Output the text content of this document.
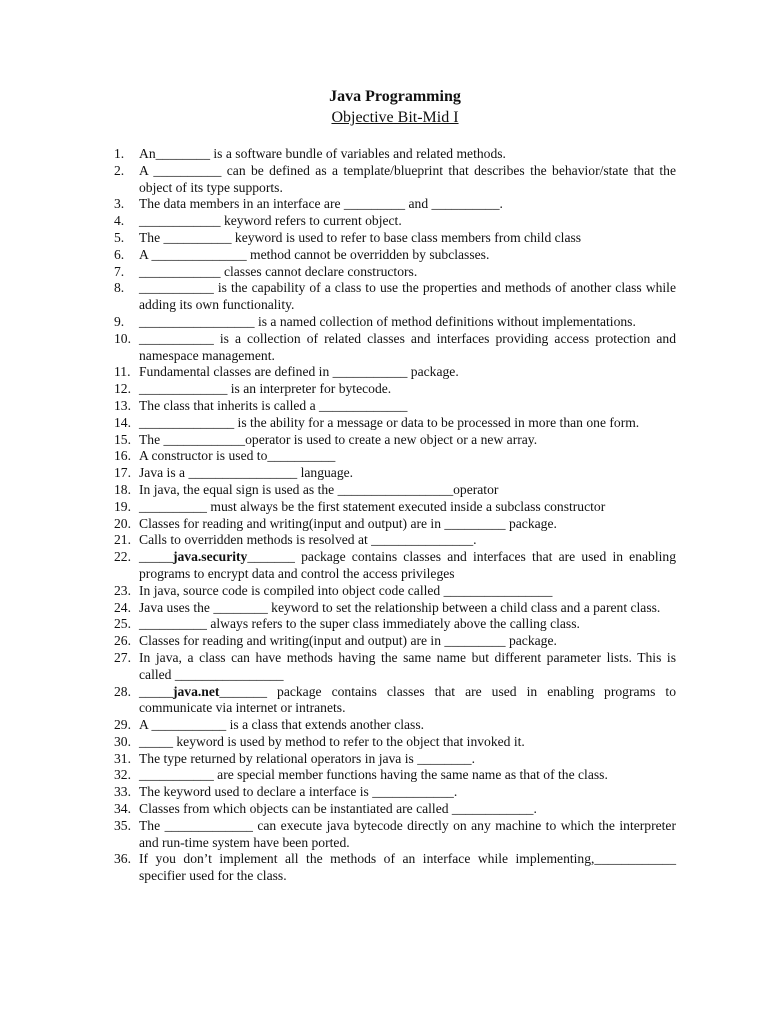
Java Programming
Objective Bit-Mid I
1.	An________ is a software bundle of variables and related methods.
2.	A __________ can be defined as a template/blueprint that describes the behavior/state that the object of its type supports.
3.	The data members in an interface are _________ and __________.
4.	____________ keyword refers to current object.
5.	The __________ keyword is used to refer to base class members from child class
6.	A ______________ method cannot be overridden by subclasses.
7.	____________ classes cannot declare constructors.
8.	___________ is the capability of a class to use the properties and methods of another class while adding its own functionality.
9.	_________________ is a named collection of method definitions without implementations.
10. ___________ is a collection of related classes and interfaces providing access protection and namespace management.
11. Fundamental classes are defined in ___________ package.
12. _____________ is an interpreter for bytecode.
13. The class that inherits is called a _____________
14. ______________ is the ability for a message or data to be processed in more than one form.
15. The ____________operator is used to create a new object or a new array.
16. A constructor is used to__________
17. Java is a ________________ language.
18. In java, the equal sign is used as the _________________operator
19. __________ must always be the first statement executed inside a subclass constructor
20. Classes for reading and writing(input and output) are in _________ package.
21. Calls to overridden methods is resolved at _______________.
22. _____java.security_______ package contains classes and interfaces that are used in enabling programs to encrypt data and control the access privileges
23. In java, source code is compiled into object code called ________________
24. Java uses the ________ keyword to set the relationship between a child class and a parent class.
25. __________ always refers to the super class immediately above the calling class.
26. Classes for reading and writing(input and output) are in _________ package.
27. In java, a class can have methods having the same name but different parameter lists. This is called ________________
28. _____java.net_______ package contains classes that are used in enabling programs to communicate via internet or intranets.
29. A ___________ is a class that extends another class.
30. _____ keyword is used by method to refer to the object that invoked it.
31. The type returned by relational operators in java is ________.
32. ___________ are special member functions having the same name as that of the class.
33. The keyword used to declare a interface is ____________.
34. Classes from which objects can be instantiated are called ____________.
35. The _____________ can execute java bytecode directly on any machine to which the interpreter and run-time system have been ported.
36. If you don’t implement all the methods of an interface while implementing,____________ specifier used for the class.
